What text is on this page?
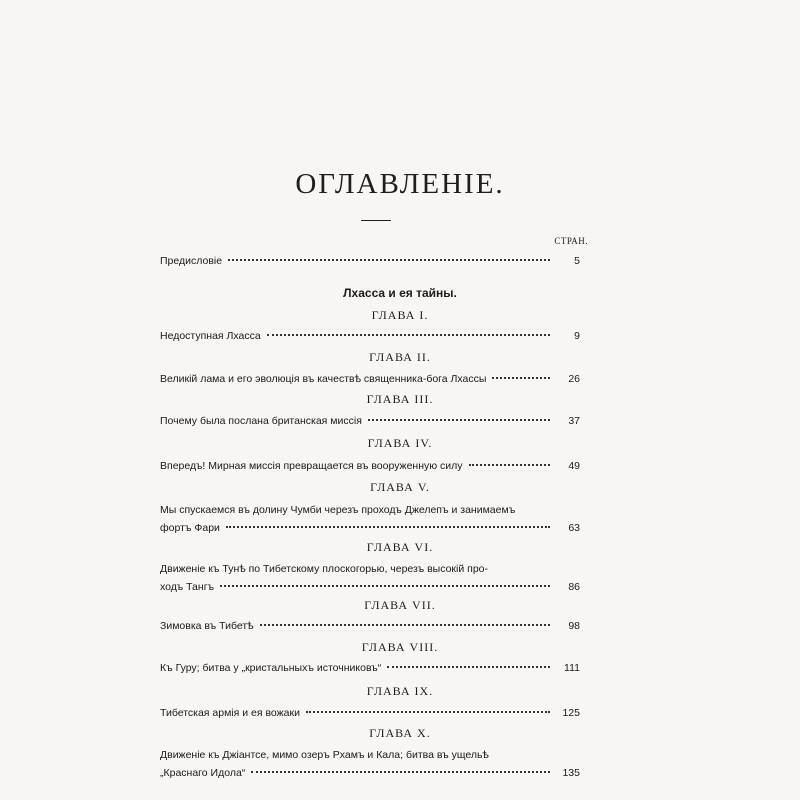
ОГЛАВЛЕНІЕ.
СТРАН.
Предисловіе	5
Лхасса и ея тайны.
ГЛАВА I.
Недоступная Лхасса	9
ГЛАВА II.
Великій лама и его эволюція въ качествѣ священника-бога Лхассы	26
ГЛАВА III.
Почему была послана британская миссія	37
ГЛАВА IV.
Впередъ! Мирная миссія превращается въ вооруженную силу	49
ГЛАВА V.
Мы спускаемся въ долину Чумби черезъ проходъ Джелепъ и занимаемъ
фортъ Фари	63
ГЛАВА VI.
Движеніе къ Тунѣ по Тибетскому плоскогорью, черезъ высокій про-
ходъ Тангъ	86
ГЛАВА VII.
Зимовка въ Тибетѣ	98
ГЛАВА VIII.
Къ Гуру; битва у „кристальныхъ источниковъ“	111
ГЛАВА IX.
Тибетская армія и ея вожаки	125
ГЛАВА X.
Движеніе къ Джіантсе, мимо озеръ Рхамъ и Кала; битва въ ущельѣ
„Краснаго Идола“	135
